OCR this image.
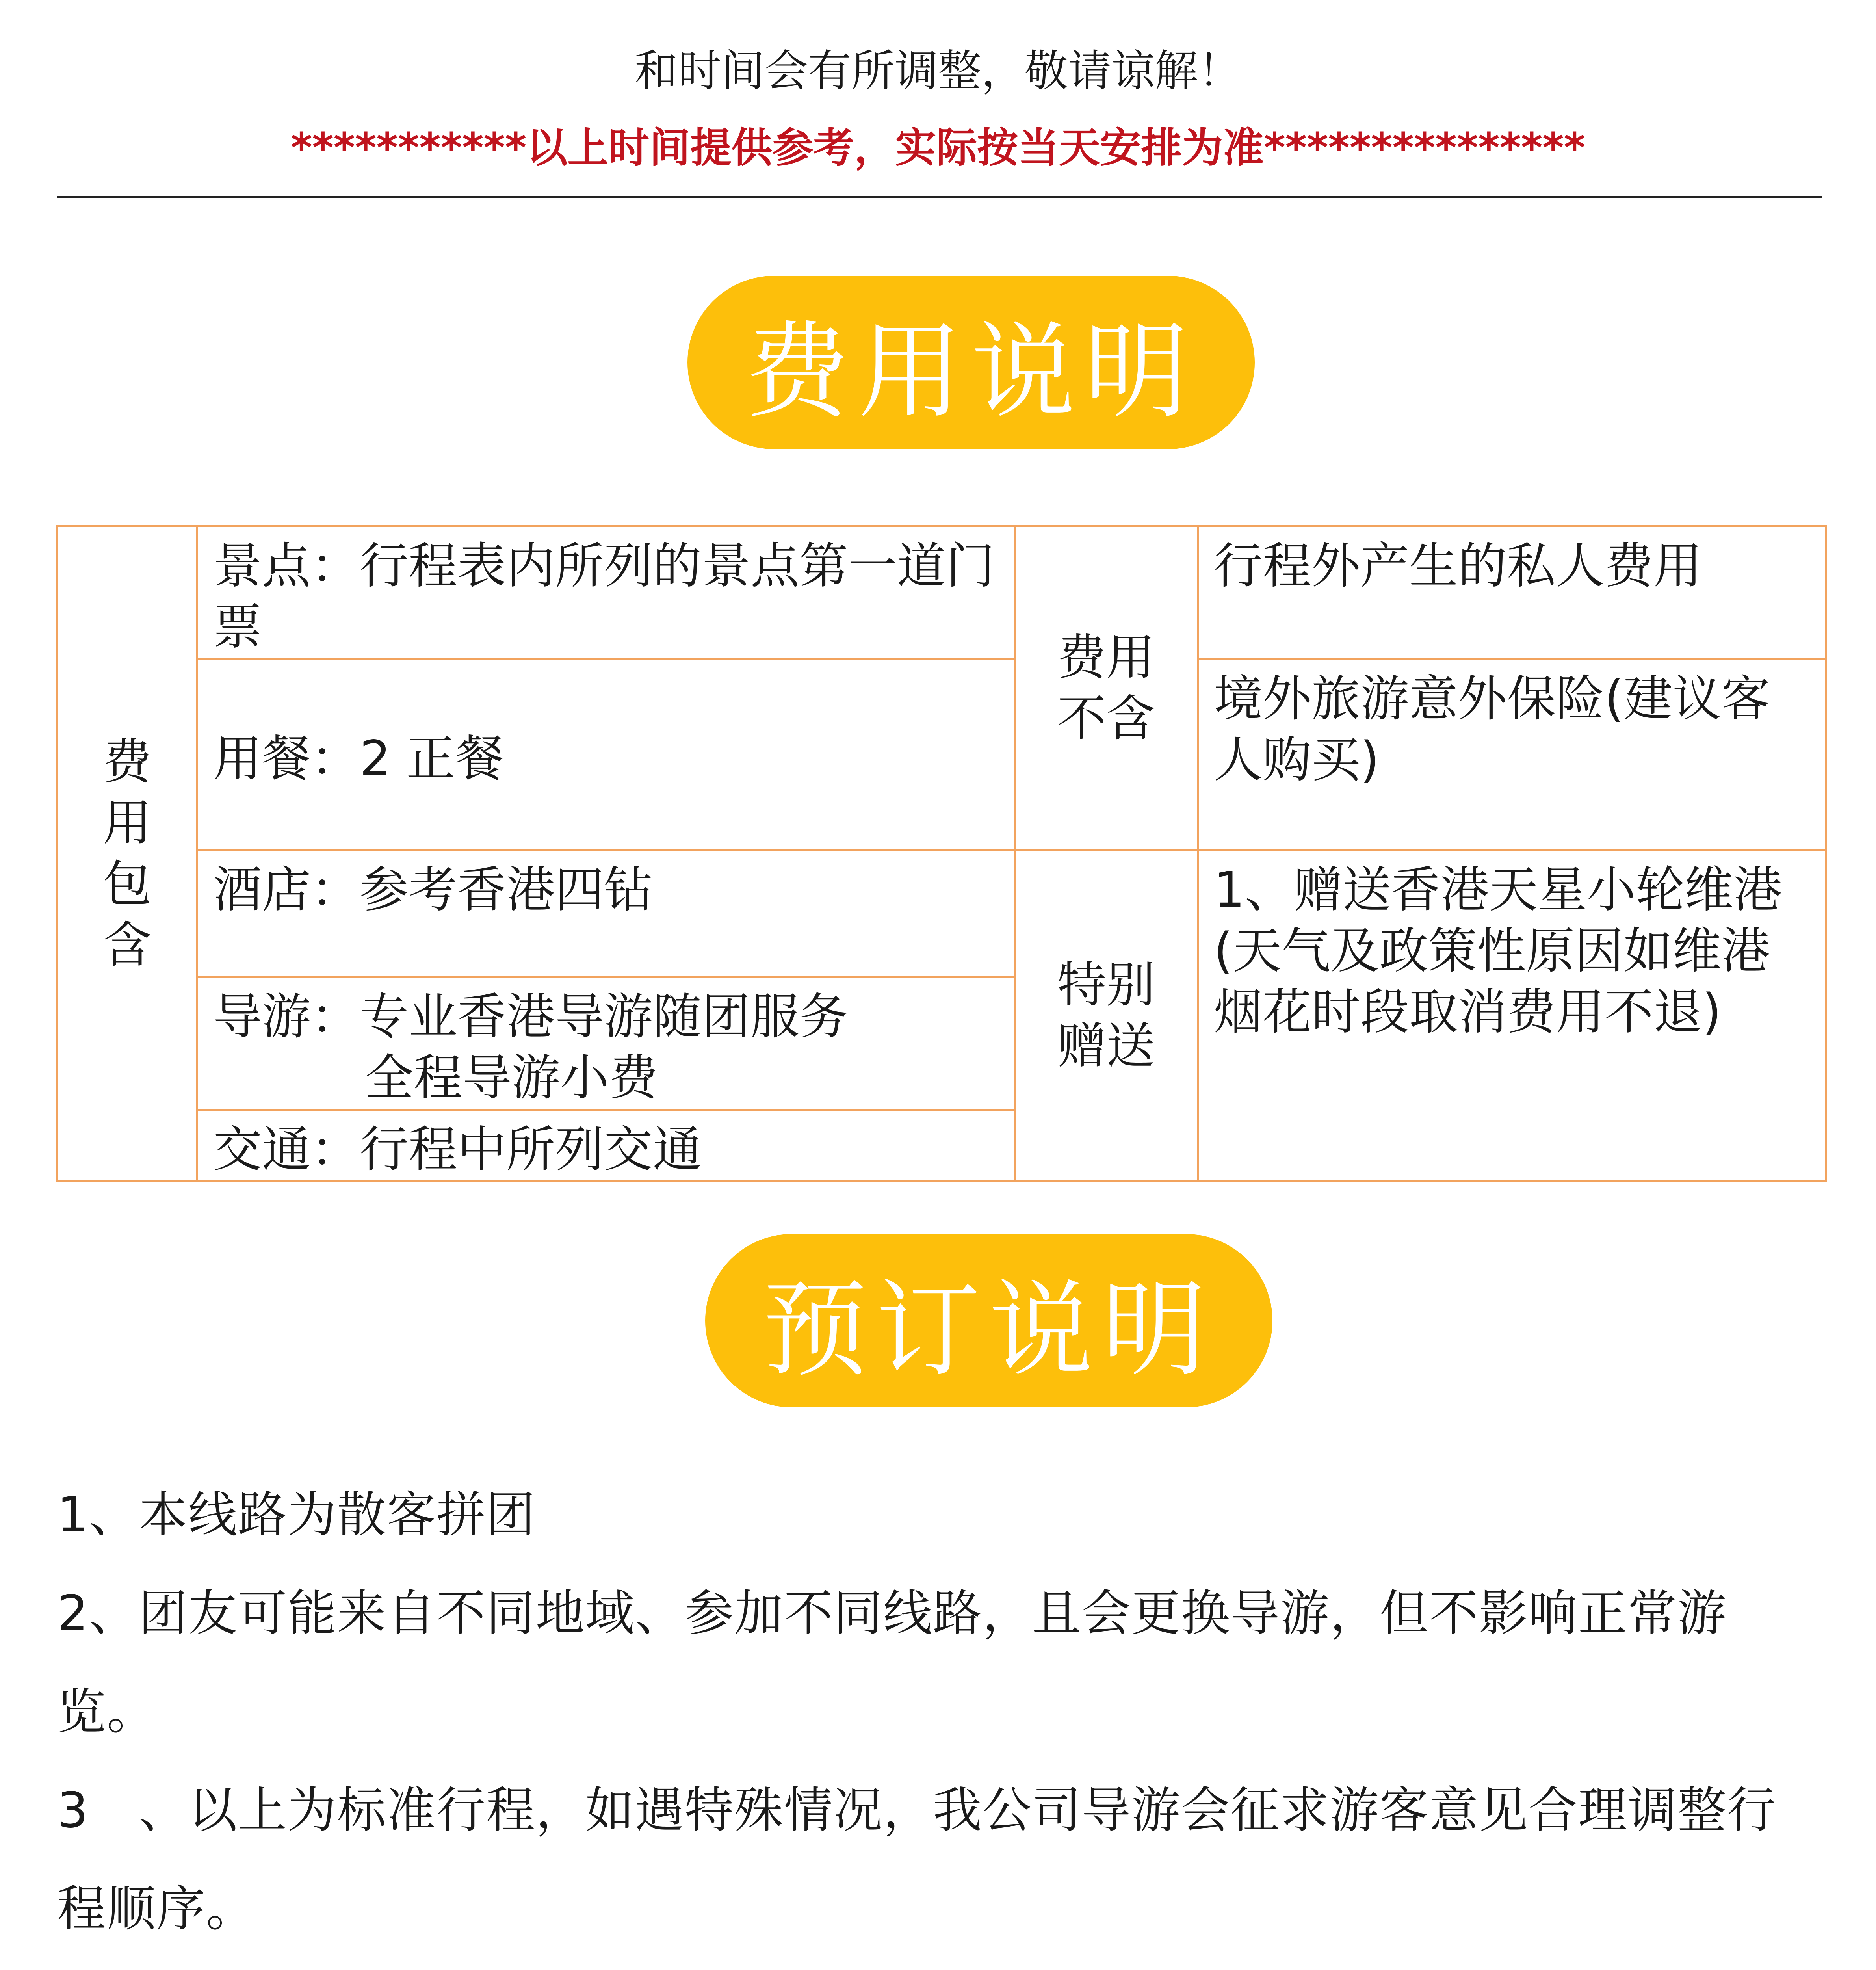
和时间会有所调整，敬请谅解！
***********以上时间提供参考，实际按当天安排为准***************
费用说明
费用包含	景点：行程表内所列的景点第一道门票	费用不含	行程外产生的私人费用
	用餐：2 正餐		境外旅游意外保险(建议客人购买)
	酒店：参考香港四钻	特别赠送	1、赠送香港天星小轮维港(天气及政策性原因如维港烟花时段取消费用不退)
	导游：专业香港导游随团服务
全程导游小费		

	交通：行程中所列交通		
预订说明

1、本线路为散客拼团

2、团友可能来自不同地域、参加不同线路，且会更换导游，但不影响正常游览。

3　、以上为标准行程，如遇特殊情况，我公司导游会征求游客意见合理调整行程顺序。
